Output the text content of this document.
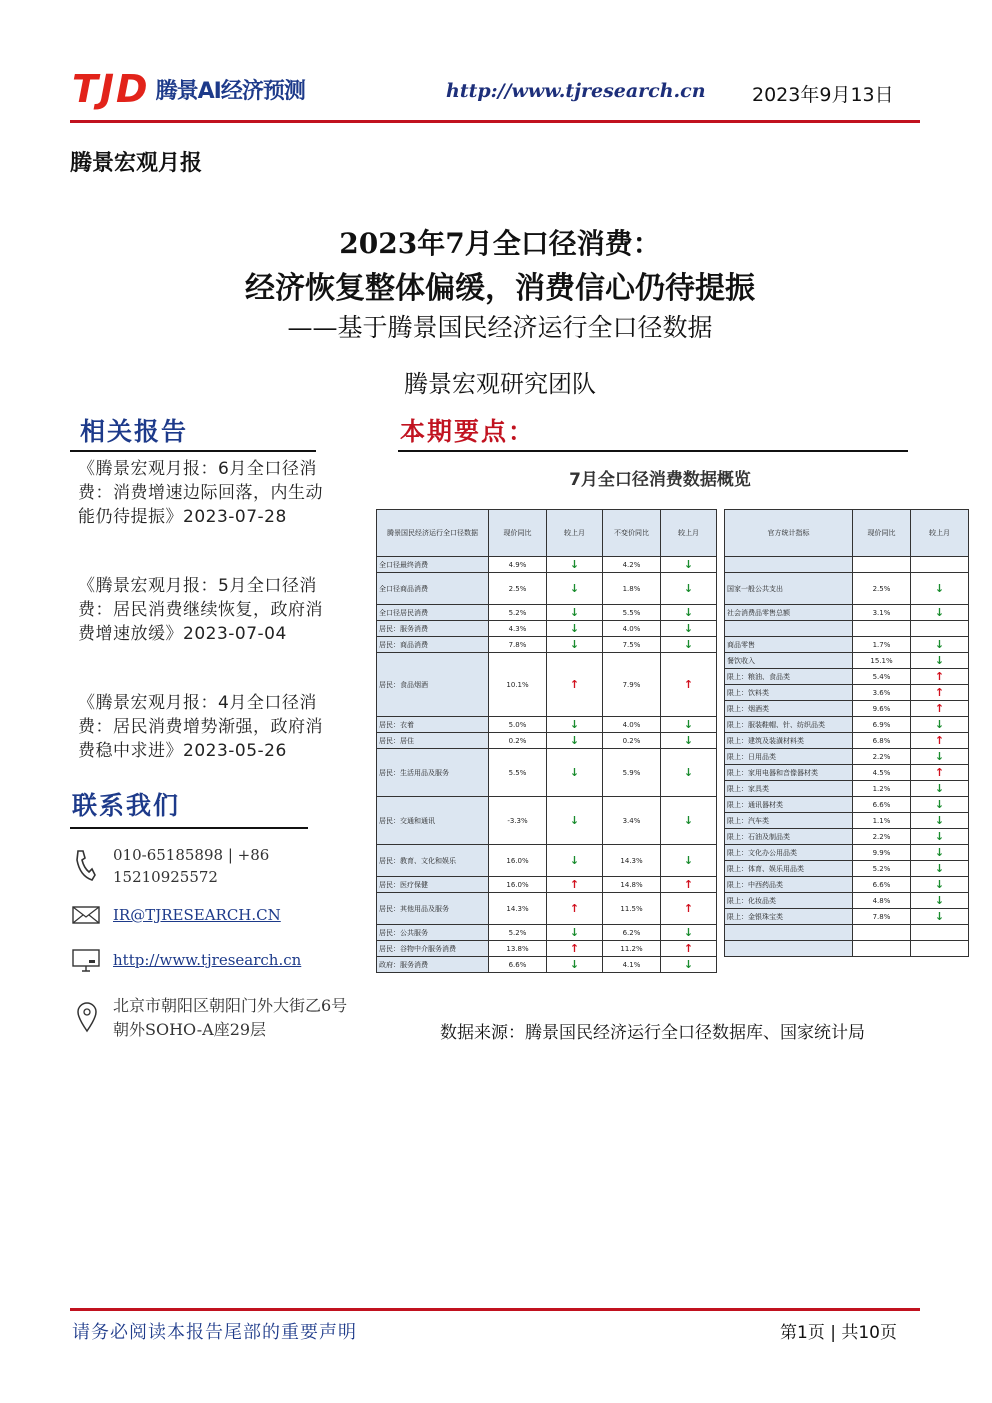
TJD 腾景AI经济预测	http://www.tjresearch.cn 2023年9月13日
腾景宏观月报
2023年7月全口径消费：
经济恢复整体偏缓，消费信心仍待提振
——基于腾景国民经济运行全口径数据
腾景宏观研究团队
相关报告
《腾景宏观月报：6月全口径消费：消费增速边际回落，内生动能仍待提振》2023-07-28
《腾景宏观月报：5月全口径消费：居民消费继续恢复，政府消费增速放缓》2023-07-04
《腾景宏观月报：4月全口径消费：居民消费增势渐强，政府消费稳中求进》2023-05-26
联系我们
010-65185898 | +86 15210925572
IR@TJRESEARCH.CN
http://www.tjresearch.cn
北京市朝阳区朝阳门外大街乙6号朝外SOHO-A座29层
本期要点：
7月全口径消费数据概览
腾景国民经济运行全口径数据	现价同比	较上月	不变价同比	较上月		官方统计指标	现价同比	较上月
全口径最终消费	4.9%	↓	4.2%	↓				
全口径商品消费	2.5%	↓	1.8%	↓		国家一般公共支出	2.5%	↓

全口径居民消费	5.2%	↓	5.5%	↓		社会消费品零售总额	3.1%	↓
居民：服务消费	4.3%	↓	4.0%	↓				
居民：商品消费	7.8%	↓	7.5%	↓		商品零售	1.7%	↓
居民：食品烟酒	10.1%	↑	7.9%	↑		餐饮收入	15.1%	↓
						限上：粮油、食品类	5.4%	↑
						限上：饮料类	3.6%	↑
						限上：烟酒类	9.6%	↑
居民：衣着	5.0%	↓	4.0%	↓		限上：服装鞋帽、针、纺织品类	6.9%	↓
居民：居住	0.2%	↓	0.2%	↓		限上：建筑及装潢材料类	6.8%	↑
居民：生活用品及服务	5.5%	↓	5.9%	↓		限上：日用品类	2.2%	↓
						限上：家用电器和音像器材类	4.5%	↑
						限上：家具类	1.2%	↓
居民：交通和通讯	-3.3%	↓	3.4%	↓		限上：通讯器材类	6.6%	↓
						限上：汽车类	1.1%	↓
						限上：石油及制品类	2.2%	↓
居民：教育、文化和娱乐	16.0%	↓	14.3%	↓		限上：文化办公用品类	9.9%	↓
						限上：体育、娱乐用品类	5.2%	↓
居民：医疗保健	16.0%	↑	14.8%	↑		限上：中西药品类	6.6%	↓
居民：其他用品及服务	14.3%	↑	11.5%	↑		限上：化妆品类	4.8%	↓
						限上：金银珠宝类	7.8%	↓
居民：公共服务	5.2%	↓	6.2%	↓				
居民：谷物中介服务消费	13.8%	↑	11.2%	↑				
政府：服务消费	6.6%	↓	4.1%	↓				
数据来源：腾景国民经济运行全口径数据库、国家统计局
请务必阅读本报告尾部的重要声明	第1页 | 共10页
